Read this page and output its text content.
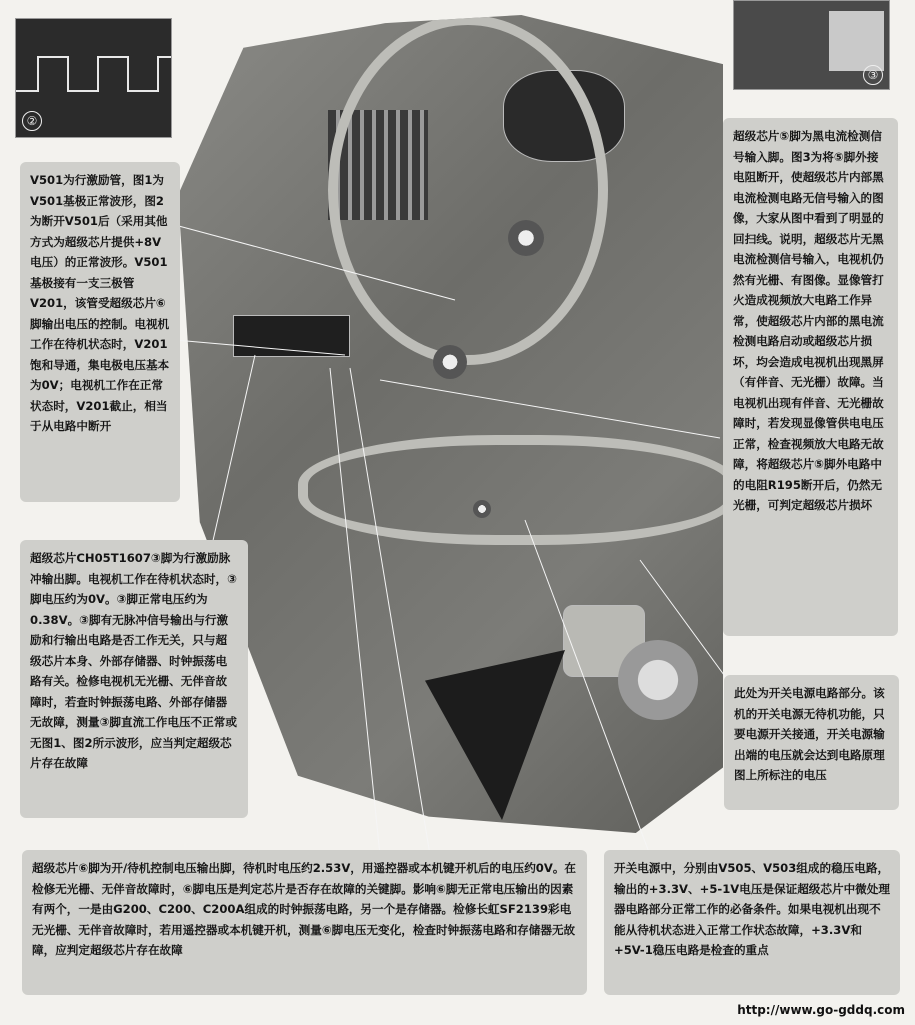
②
③
V501为行激励管，图1为V501基极正常波形，图2为断开V501后（采用其他方式为超级芯片提供+8V电压）的正常波形。V501基极接有一支三极管V201，该管受超级芯片⑥脚输出电压的控制。电视机工作在待机状态时，V201饱和导通，集电极电压基本为0V；电视机工作在正常状态时，V201截止，相当于从电路中断开
超级芯片⑤脚为黑电流检测信号输入脚。图3为将⑤脚外接电阻断开，使超级芯片内部黑电流检测电路无信号输入的图像，大家从图中看到了明显的回扫线。说明，超级芯片无黑电流检测信号输入，电视机仍然有光栅、有图像。显像管打火造成视频放大电路工作异常，使超级芯片内部的黑电流检测电路启动或超级芯片损坏，均会造成电视机出现黑屏（有伴音、无光栅）故障。当电视机出现有伴音、无光栅故障时，若发现显像管供电电压正常，检查视频放大电路无故障，将超级芯片⑤脚外电路中的电阻R195断开后，仍然无光栅，可判定超级芯片损坏
超级芯片CH05T1607③脚为行激励脉冲输出脚。电视机工作在待机状态时，③脚电压约为0V。③脚正常电压约为0.38V。③脚有无脉冲信号输出与行激励和行输出电路是否工作无关，只与超级芯片本身、外部存储器、时钟振荡电路有关。检修电视机无光栅、无伴音故障时，若查时钟振荡电路、外部存储器无故障，测量③脚直流工作电压不正常或无图1、图2所示波形，应当判定超级芯片存在故障
此处为开关电源电路部分。该机的开关电源无待机功能，只要电源开关接通，开关电源输出端的电压就会达到电路原理图上所标注的电压
超级芯片⑥脚为开/待机控制电压输出脚，待机时电压约2.53V，用遥控器或本机键开机后的电压约0V。在检修无光栅、无伴音故障时，⑥脚电压是判定芯片是否存在故障的关键脚。影响⑥脚无正常电压输出的因素有两个，一是由G200、C200、C200A组成的时钟振荡电路，另一个是存储器。检修长虹SF2139彩电无光栅、无伴音故障时，若用遥控器或本机键开机，测量⑥脚电压无变化，检查时钟振荡电路和存储器无故障，应判定超级芯片存在故障
开关电源中，分别由V505、V503组成的稳压电路，输出的+3.3V、+5-1V电压是保证超级芯片中微处理器电路部分正常工作的必备条件。如果电视机出现不能从待机状态进入正常工作状态故障，+3.3V和+5V-1稳压电路是检查的重点
http://www.go-gddq.com
